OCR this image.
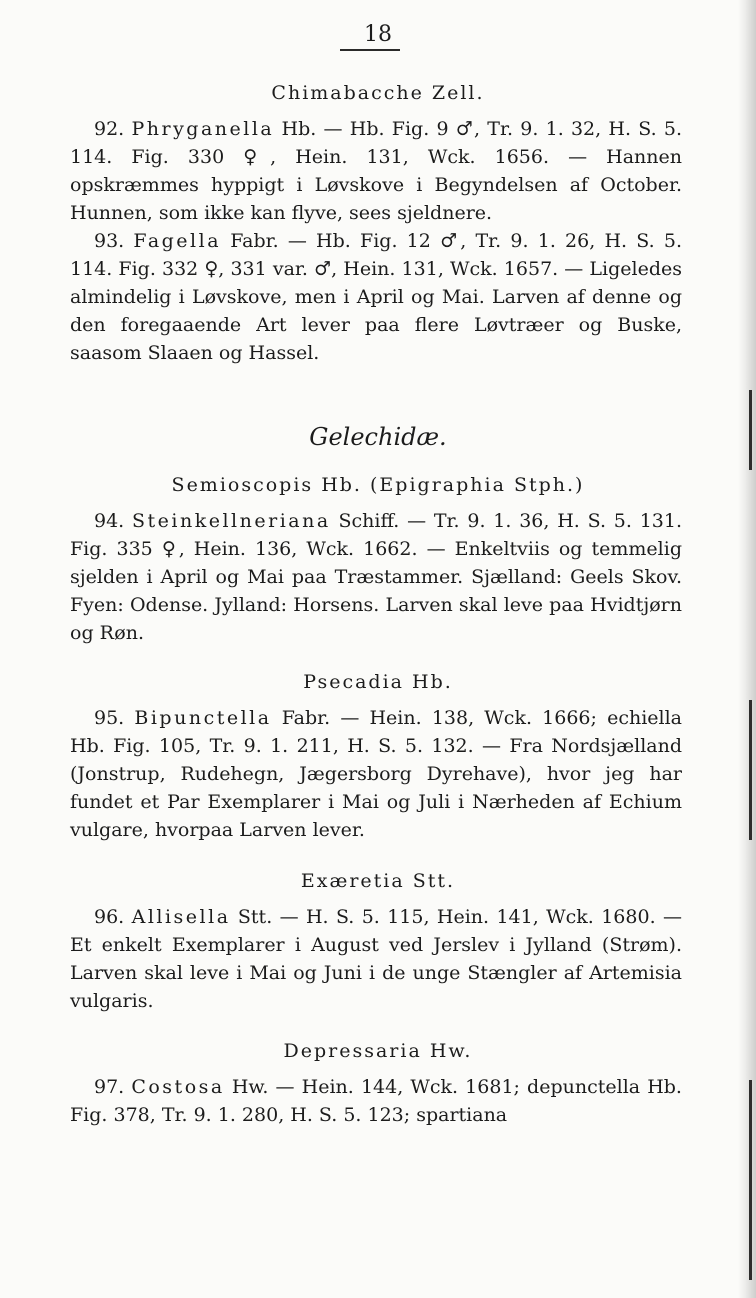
18
Chimabacche Zell.

92. Phryganella Hb. — Hb. Fig. 9 ♂, Tr. 9. 1. 32, H. S. 5. 114. Fig. 330 ♀, Hein. 131, Wck. 1656. — Hannen opskræmmes hyppigt i Løvskove i Begyndelsen af October. Hunnen, som ikke kan flyve, sees sjeldnere.

93. Fagella Fabr. — Hb. Fig. 12 ♂, Tr. 9. 1. 26, H. S. 5. 114. Fig. 332 ♀, 331 var. ♂, Hein. 131, Wck. 1657. — Ligeledes almindelig i Løvskove, men i April og Mai. Larven af denne og den foregaaende Art lever paa flere Løvtræer og Buske, saasom Slaaen og Hassel.

Gelechidæ.
Semioscopis Hb. (Epigraphia Stph.)

94. Steinkellneriana Schiff. — Tr. 9. 1. 36, H. S. 5. 131. Fig. 335 ♀, Hein. 136, Wck. 1662. — Enkeltviis og temmelig sjelden i April og Mai paa Træstammer. Sjælland: Geels Skov. Fyen: Odense. Jylland: Horsens. Larven skal leve paa Hvidtjørn og Røn.

Psecadia Hb.

95. Bipunctella Fabr. — Hein. 138, Wck. 1666; echiella Hb. Fig. 105, Tr. 9. 1. 211, H. S. 5. 132. — Fra Nordsjælland (Jonstrup, Rudehegn, Jægersborg Dyrehave), hvor jeg har fundet et Par Exemplarer i Mai og Juli i Nærheden af Echium vulgare, hvorpaa Larven lever.

Exæretia Stt.

96. Allisella Stt. — H. S. 5. 115, Hein. 141, Wck. 1680. — Et enkelt Exemplarer i August ved Jerslev i Jylland (Strøm). Larven skal leve i Mai og Juni i de unge Stængler af Artemisia vulgaris.

Depressaria Hw.

97. Costosa Hw. — Hein. 144, Wck. 1681; depunctella Hb. Fig. 378, Tr. 9. 1. 280, H. S. 5. 123; spartiana
